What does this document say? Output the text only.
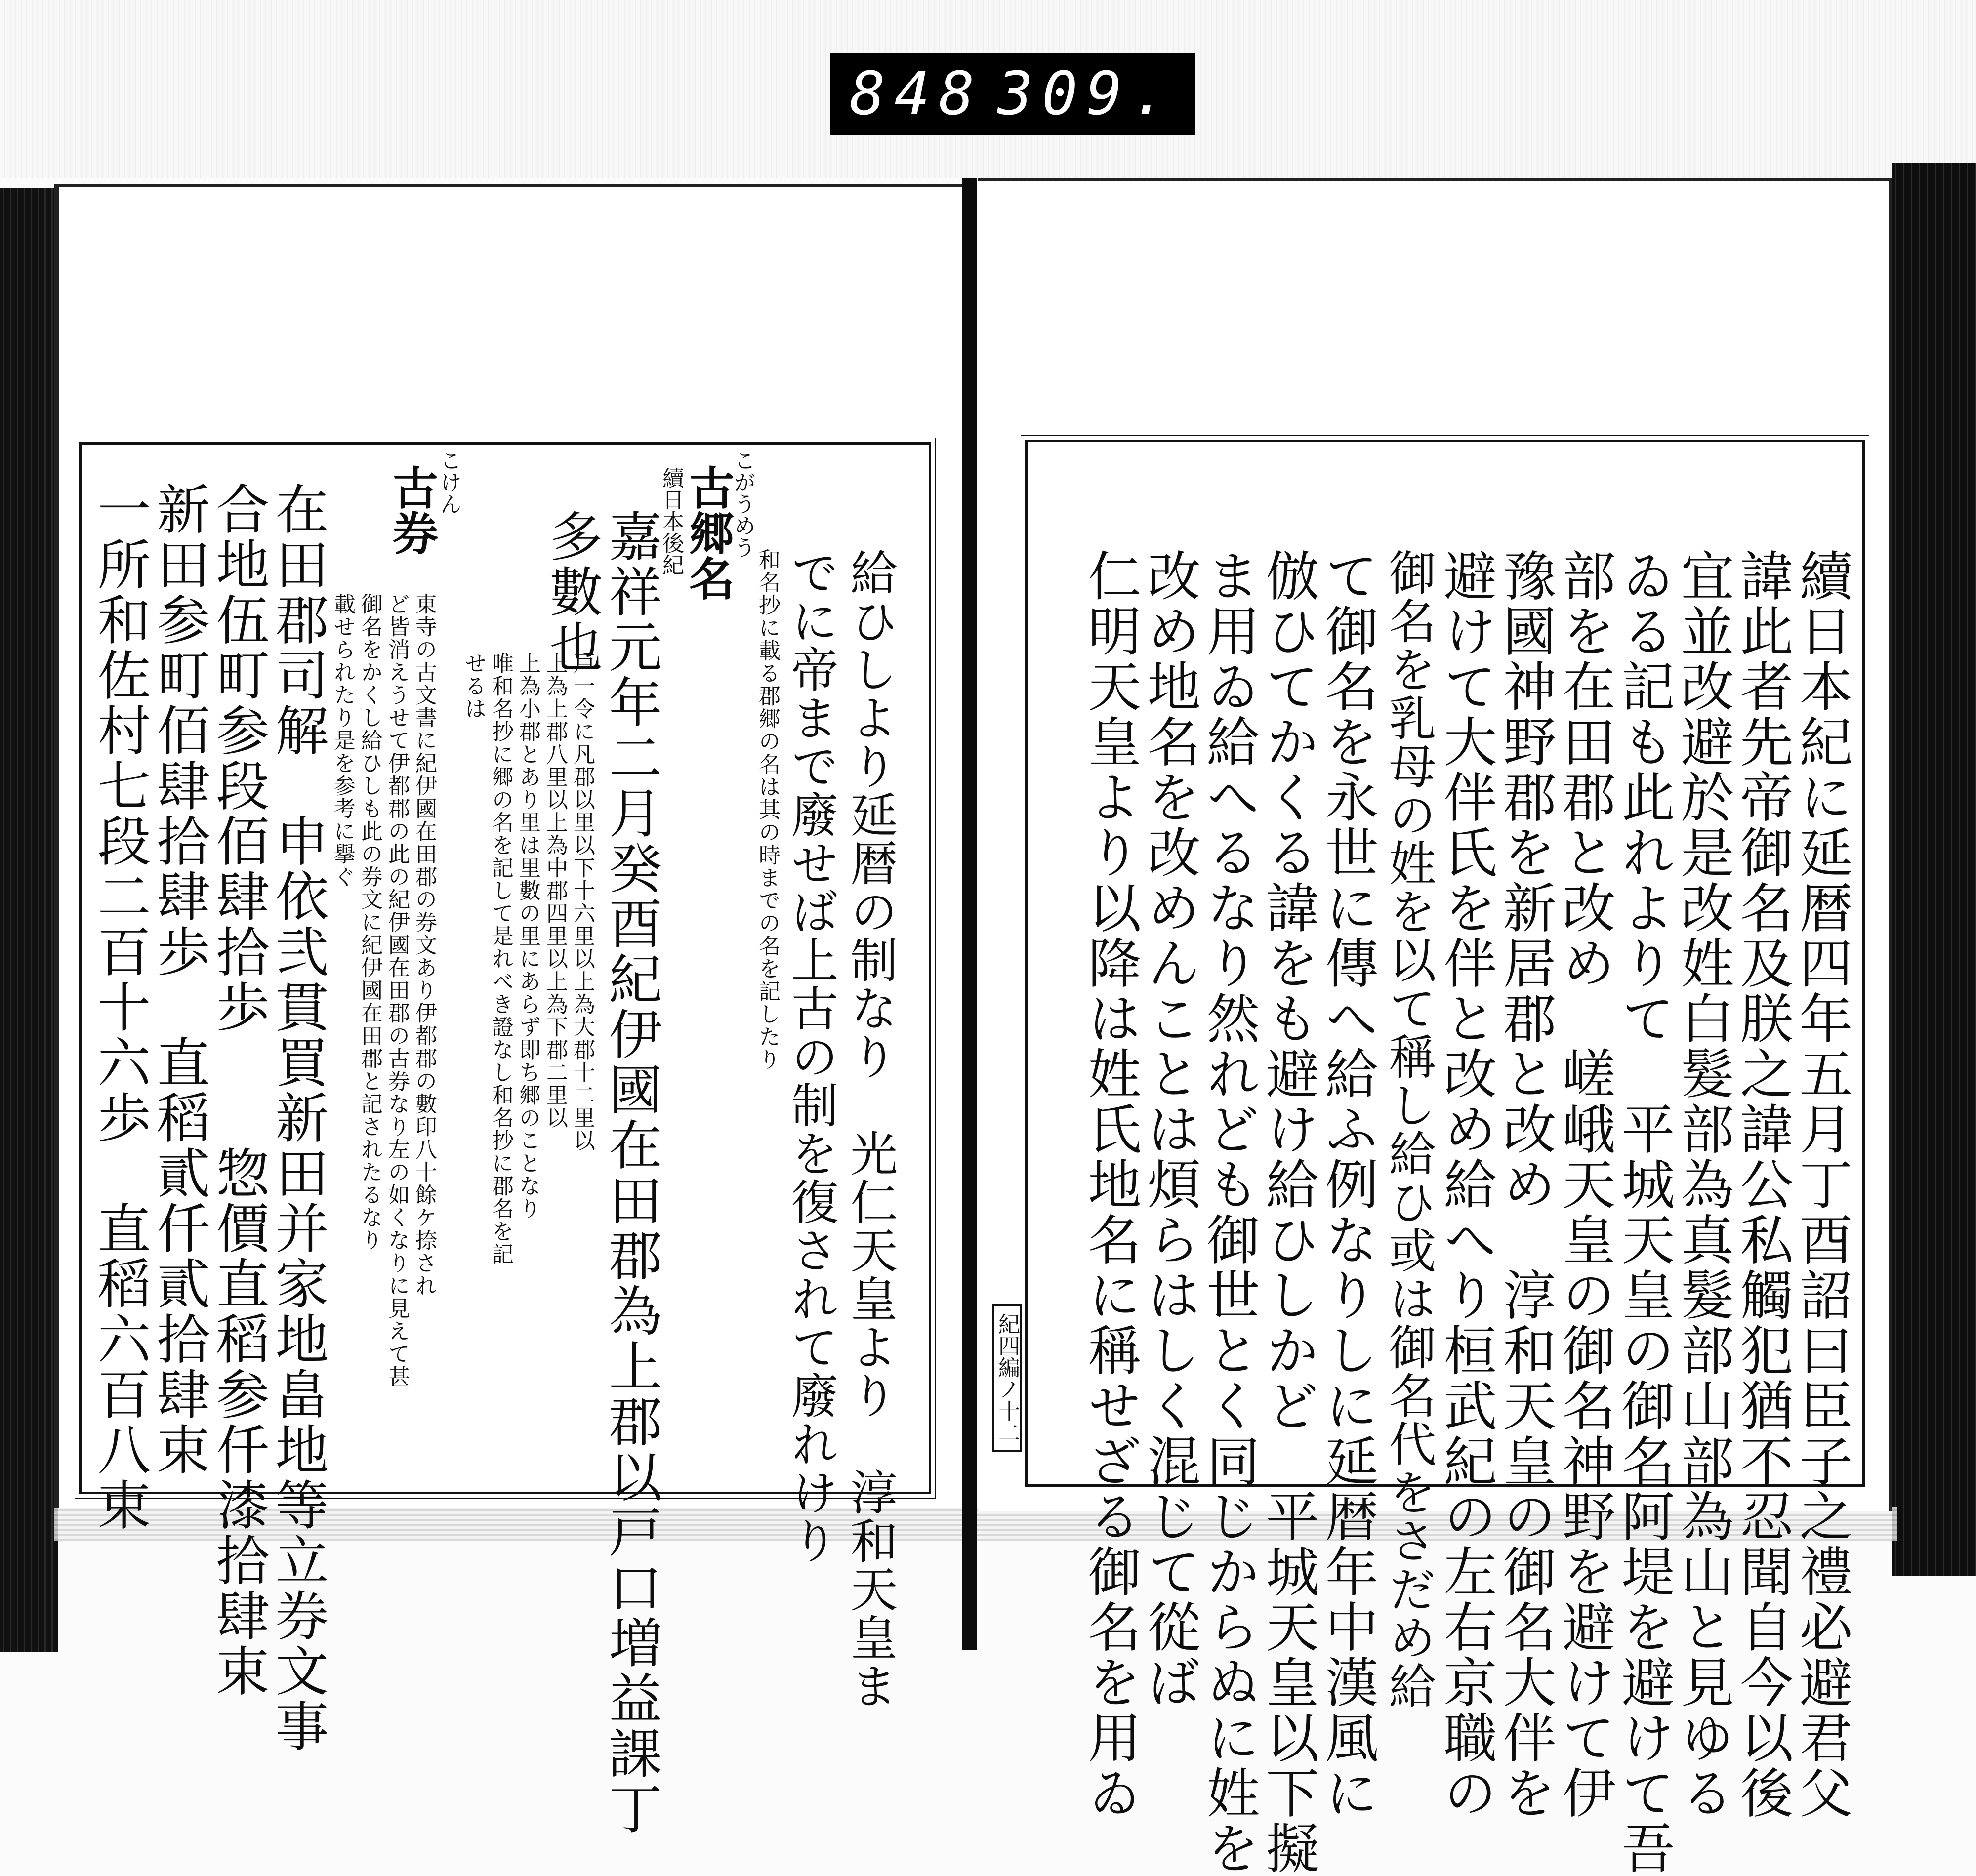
848 309.
續日本紀に延暦四年五月丁酉詔曰臣子之禮必避君父
諱此者先帝御名及朕之諱公私觸犯猶不忍聞自今以後
宜並改避於是改姓白髮部為真髮部山部為山と見ゆる
ゐる記も此れよりて　平城天皇の御名阿堤を避けて吾
部を在田郡と改め　嵯峨天皇の御名神野を避けて伊
豫國神野郡を新居郡と改め　淳和天皇の御名大伴を
避けて大伴氏を伴と改め給へり桓武紀の左右京職の
御名を乳母の姓を以て稱し給ひ或は御名代をさだめ給
て御名を永世に傳へ給ふ例なりしに延暦年中漢風に
倣ひてかくる諱をも避け給ひしかど　平城天皇以下擬
ま用ゐ給へるなり然れども御世とく同じからぬに姓を
改め地名を改めんことは煩らはしく混じて從ば
仁明天皇より以降は姓氏地名に稱せざる御名を用ゐ
紀四編ノ十二
給ひしより延暦の制なり　光仁天皇より　淳和天皇ま
でに帝まで廢せば上古の制を復されて廢れけり
和名抄に載る郡郷の名は其の時までの名を記したり
こがうめう
古郷名
續日本後紀
嘉祥元年二月癸酉紀伊國在田郡為上郡以戸口増益課丁
多數也
戸一令に凡郡以里以下十六里以上為大郡十二里以
上為上郡八里以上為中郡四里以上為下郡二里以
上為小郡とあり里は里數の里にあらず即ち郷のことなり
唯和名抄に郷の名を記して是れべき證なし和名抄に郡名を記
せるは
こけん
古券
東寺の古文書に紀伊國在田郡の券文あり伊都郡の數印八十餘ケ捺され
ど皆消えうせて伊都郡の此の紀伊國在田郡の古券なり左の如くなりに見えて甚
御名をかくし給ひしも此の券文に紀伊國在田郡と記されたるなり
載せられたり是を参考に擧ぐ
在田郡司解　申依弐貫買新田并家地畠地等立券文事
合地伍町参段佰肆拾歩　　惣價直稻参仟漆拾肆束
新田参町佰肆拾肆歩　直稻貳仟貳拾肆束
一所和佐村七段二百十六歩　直稻六百八束
